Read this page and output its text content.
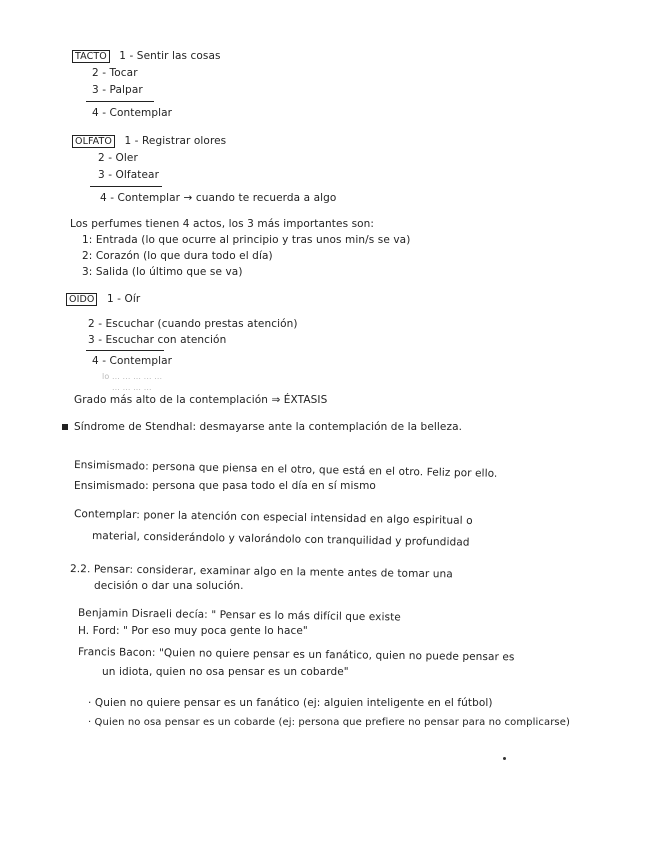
TACTO 1 - Sentir las cosas
2 - Tocar
3 - Palpar
4 - Contemplar
OLFATO 1 - Registrar olores
2 - Oler
3 - Olfatear
4 - Contemplar → cuando te recuerda a algo
Los perfumes tienen 4 actos, los 3 más importantes son:
1: Entrada (lo que ocurre al principio y tras unos min/s se va)
2: Corazón (lo que dura todo el día)
3: Salida (lo último que se va)
OIDO 1 - Oír
2 - Escuchar (cuando prestas atención)
3 - Escuchar con atención
4 - Contemplar
lo ... ... ... ... ...
... ... ... ...
Grado más alto de la contemplación ⇒ ÉXTASIS
Síndrome de Stendhal: desmayarse ante la contemplación de la belleza.
Ensimismado: persona que piensa en el otro, que está en el otro. Feliz por ello.
Ensimismado: persona que pasa todo el día en sí mismo
Contemplar: poner la atención con especial intensidad en algo espiritual o
material, considerándolo y valorándolo con tranquilidad y profundidad
2.2. Pensar: considerar, examinar algo en la mente antes de tomar una
decisión o dar una solución.
Benjamin Disraeli decía: " Pensar es lo más difícil que existe
H. Ford: " Por eso muy poca gente lo hace"
Francis Bacon: "Quien no quiere pensar es un fanático, quien no puede pensar es
un idiota, quien no osa pensar es un cobarde"
· Quien no quiere pensar es un fanático (ej: alguien inteligente en el fútbol)
· Quien no osa pensar es un cobarde (ej: persona que prefiere no pensar para no complicarse)
